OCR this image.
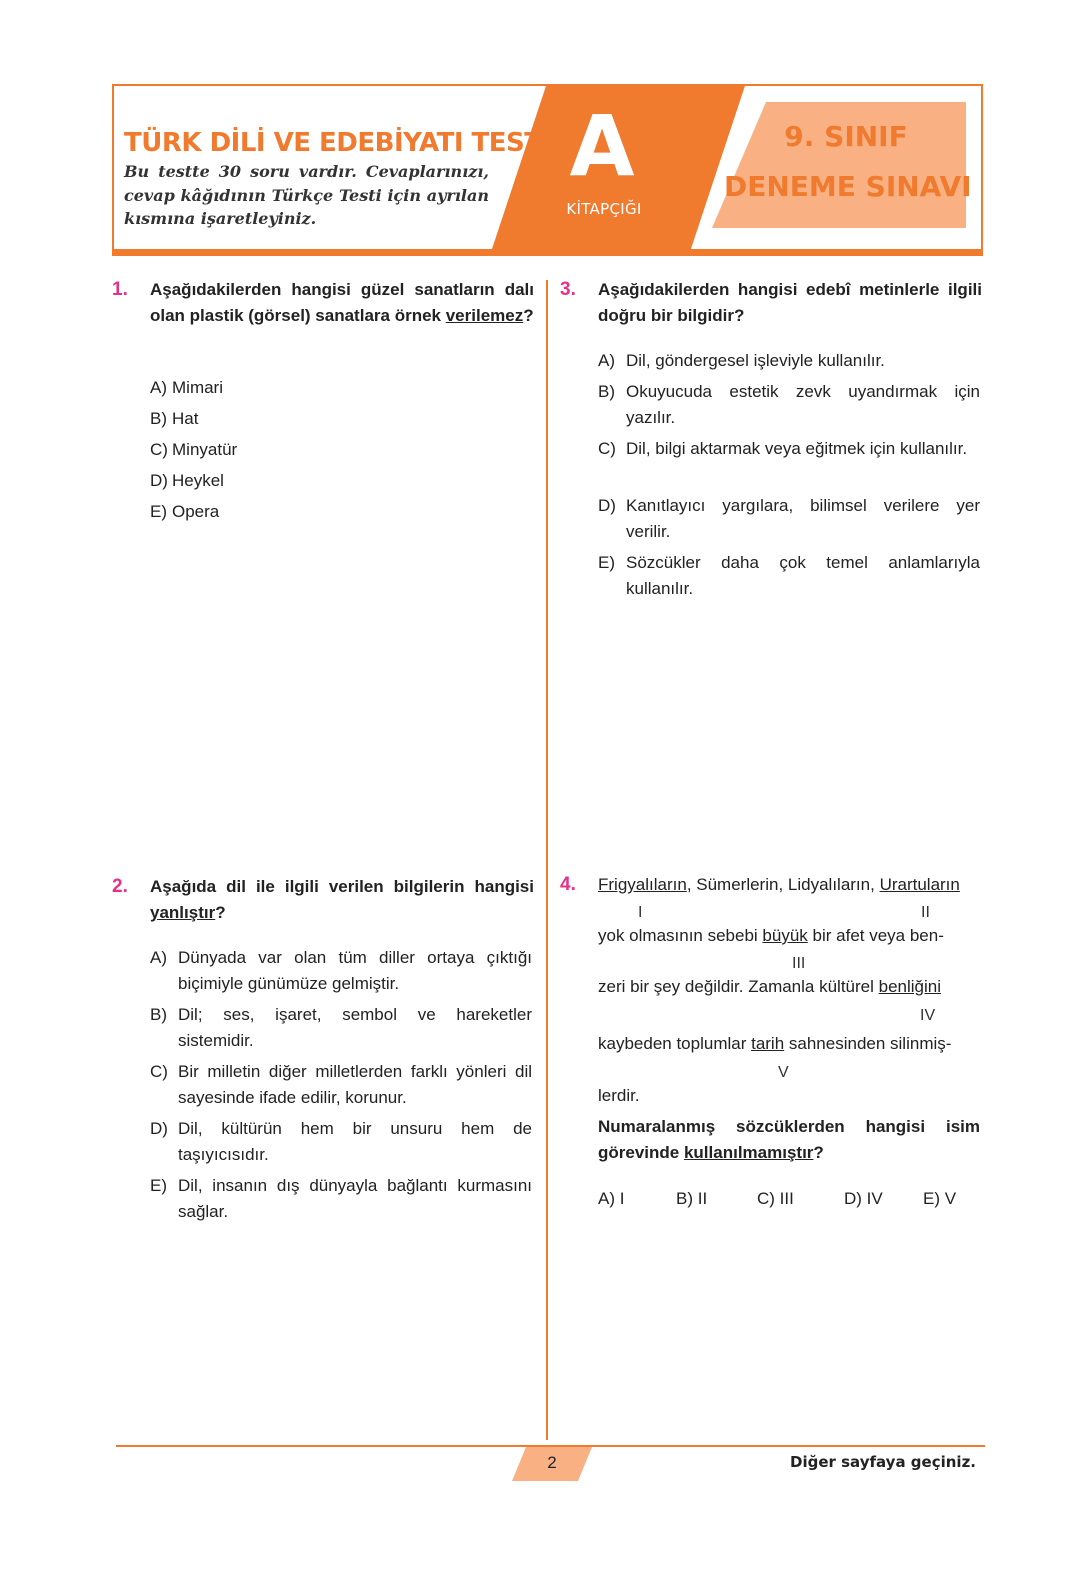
TÜRK DİLİ VE EDEBİYATI TESTİ
Bu testte 30 soru vardır. Cevaplarınızı, cevap kâğıdının Türkçe Testi için ayrılan kısmına işaretleyiniz.
A
KİTAPÇIĞI
9. SINIF
DENEME SINAVI
1. Aşağıdakilerden hangisi güzel sanatların dalı olan plastik (görsel) sanatlara örnek verilemez?
A) Mimari
B) Hat
C) Minyatür
D) Heykel
E) Opera
2. Aşağıda dil ile ilgili verilen bilgilerin hangisi yanlıştır?
A) Dünyada var olan tüm diller ortaya çıktığı biçimiyle günümüze gelmiştir.
B) Dil; ses, işaret, sembol ve hareketler sistemidir.
C) Bir milletin diğer milletlerden farklı yönleri dil sayesinde ifade edilir, korunur.
D) Dil, kültürün hem bir unsuru hem de taşıyıcısıdır.
E) Dil, insanın dış dünyayla bağlantı kurmasını sağlar.
3. Aşağıdakilerden hangisi edebî metinlerle ilgili doğru bir bilgidir?
A) Dil, göndergesel işleviyle kullanılır.
B) Okuyucuda estetik zevk uyandırmak için yazılır.
C) Dil, bilgi aktarmak veya eğitmek için kullanılır.
D) Kanıtlayıcı yargılara, bilimsel verilere yer verilir.
E) Sözcükler daha çok temel anlamlarıyla kullanılır.
4. Frigyalıların, Sümerlerin, Lidyalıların, Urartuların
I	II
yok olmasının sebebi büyük bir afet veya ben-
III
zeri bir şey değildir. Zamanla kültürel benliğini
IV
kaybeden toplumlar tarih sahnesinden silinmiş-
V
lerdir.
Numaralanmış sözcüklerden hangisi isim görevinde kullanılmamıştır?
A) I	B) II	C) III	D) IV E) V
2	Diğer sayfaya geçiniz.
